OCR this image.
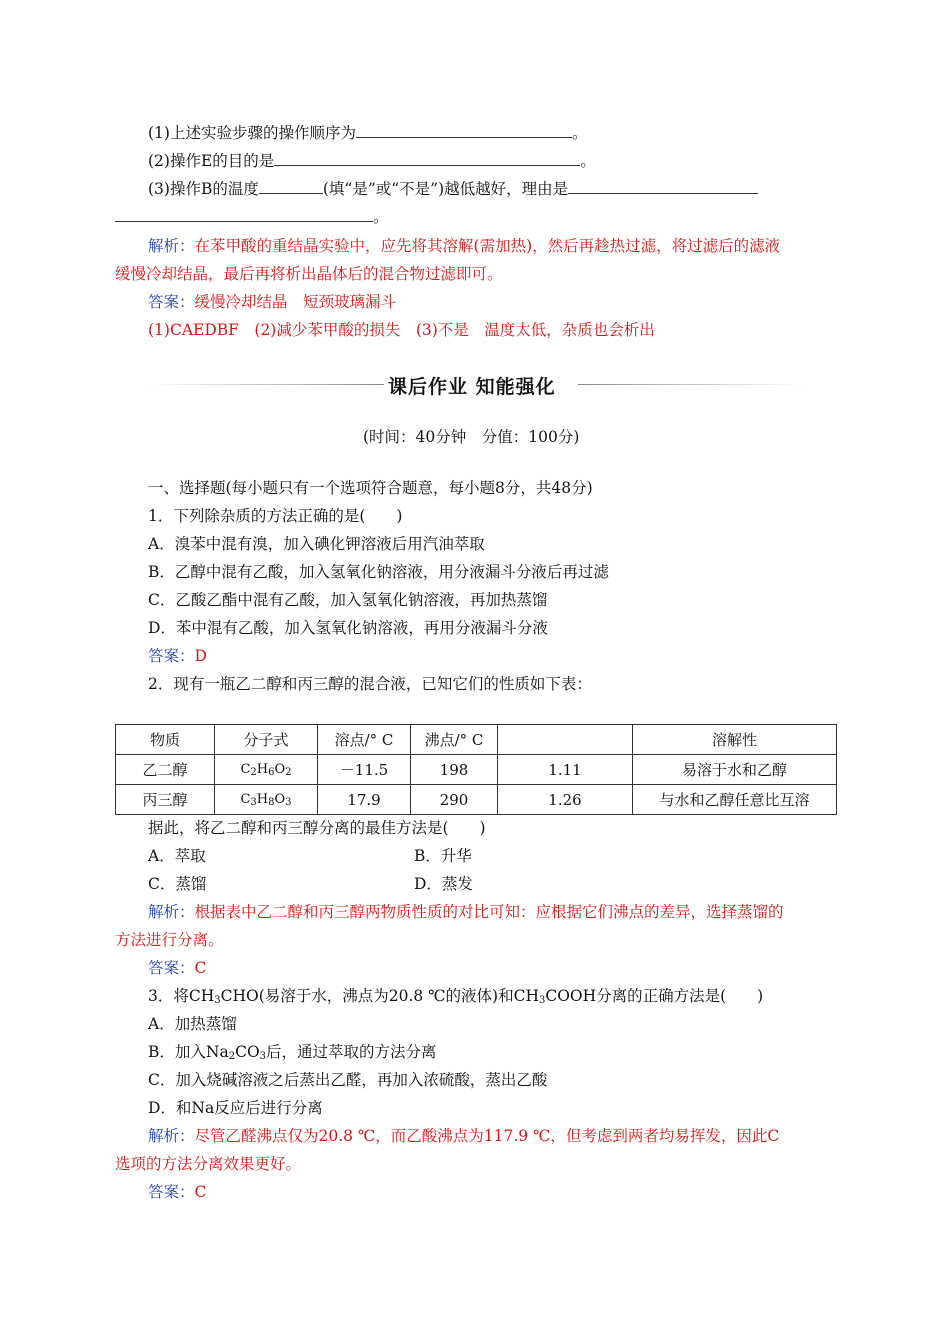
(1)上述实验步骤的操作顺序为	。
(2)操作E的目的是	。
(3)操作B的温度	(填“是”或“不是”)越低越好，理由是
。
解析：在苯甲酸的重结晶实验中，应先将其溶解(需加热)，然后再趁热过滤，将过滤后的滤液
缓慢冷却结晶，最后再将析出晶体后的混合物过滤即可。
答案：缓慢冷却结晶　短颈玻璃漏斗
(1)CAEDBF　(2)减少苯甲酸的损失　(3)不是　温度太低，杂质也会析出
课后作业 知能强化
(时间：40分钟　分值：100分)
一、选择题(每小题只有一个选项符合题意，每小题8分，共48分)
1．下列除杂质的方法正确的是(　　)
A．溴苯中混有溴，加入碘化钾溶液后用汽油萃取
B．乙醇中混有乙酸，加入氢氧化钠溶液，用分液漏斗分液后再过滤
C．乙酸乙酯中混有乙酸，加入氢氧化钠溶液，再加热蒸馏
D．苯中混有乙酸，加入氢氧化钠溶液，再用分液漏斗分液
答案：D
2．现有一瓶乙二醇和丙三醇的混合液，已知它们的性质如下表：
物质	分子式	溶点/° C	沸点/° C		溶解性
乙二醇	$C_2H_6O_2$	－11.5	198	1.11	易溶于水和乙醇
丙三醇	$C_3H_8O_3$	17.9	290	1.26	与水和乙醇任意比互溶
据此，将乙二醇和丙三醇分离的最佳方法是(　　)
A．萃取	B．升华
C．蒸馏	D．蒸发
解析：根据表中乙二醇和丙三醇两物质性质的对比可知：应根据它们沸点的差异，选择蒸馏的
方法进行分离。
答案：C
3．将$CH_3CHO$(易溶于水，沸点为20.8 ℃的液体)和$CH_3COOH$分离的正确方法是(　　)
A．加热蒸馏
B．加入$Na_2CO_3$后，通过萃取的方法分离
C．加入烧碱溶液之后蒸出乙醛，再加入浓硫酸，蒸出乙酸
D．和Na反应后进行分离
解析：尽管乙醛沸点仅为20.8 ℃，而乙酸沸点为117.9 ℃，但考虑到两者均易挥发，因此C
选项的方法分离效果更好。
答案：C
